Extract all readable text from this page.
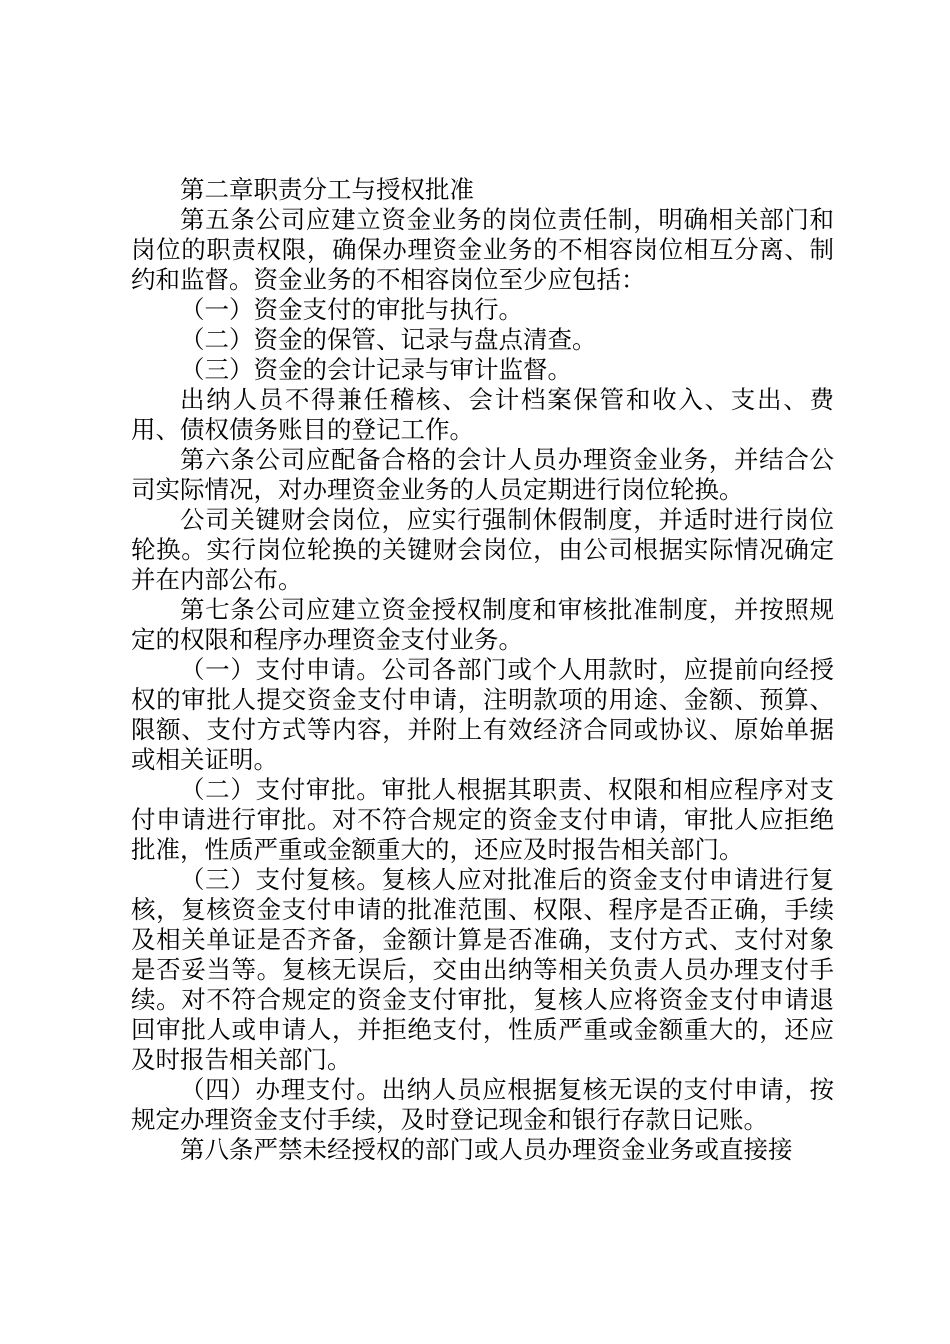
第二章职责分工与授权批准

第五条公司应建立资金业务的岗位责任制，明确相关部门和岗位的职责权限，确保办理资金业务的不相容岗位相互分离、制约和监督。资金业务的不相容岗位至少应包括：

（一）资金支付的审批与执行。

（二）资金的保管、记录与盘点清查。

（三）资金的会计记录与审计监督。

出纳人员不得兼任稽核、会计档案保管和收入、支出、费用、债权债务账目的登记工作。

第六条公司应配备合格的会计人员办理资金业务，并结合公司实际情况，对办理资金业务的人员定期进行岗位轮换。

公司关键财会岗位，应实行强制休假制度，并适时进行岗位轮换。实行岗位轮换的关键财会岗位，由公司根据实际情况确定并在内部公布。

第七条公司应建立资金授权制度和审核批准制度，并按照规定的权限和程序办理资金支付业务。

（一）支付申请。公司各部门或个人用款时，应提前向经授权的审批人提交资金支付申请，注明款项的用途、金额、预算、限额、支付方式等内容，并附上有效经济合同或协议、原始单据或相关证明。

（二）支付审批。审批人根据其职责、权限和相应程序对支付申请进行审批。对不符合规定的资金支付申请，审批人应拒绝批准，性质严重或金额重大的，还应及时报告相关部门。

（三）支付复核。复核人应对批准后的资金支付申请进行复核，复核资金支付申请的批准范围、权限、程序是否正确，手续及相关单证是否齐备，金额计算是否准确，支付方式、支付对象是否妥当等。复核无误后，交由出纳等相关负责人员办理支付手续。对不符合规定的资金支付审批，复核人应将资金支付申请退回审批人或申请人，并拒绝支付，性质严重或金额重大的，还应及时报告相关部门。

（四）办理支付。出纳人员应根据复核无误的支付申请，按规定办理资金支付手续，及时登记现金和银行存款日记账。

第八条严禁未经授权的部门或人员办理资金业务或直接接
